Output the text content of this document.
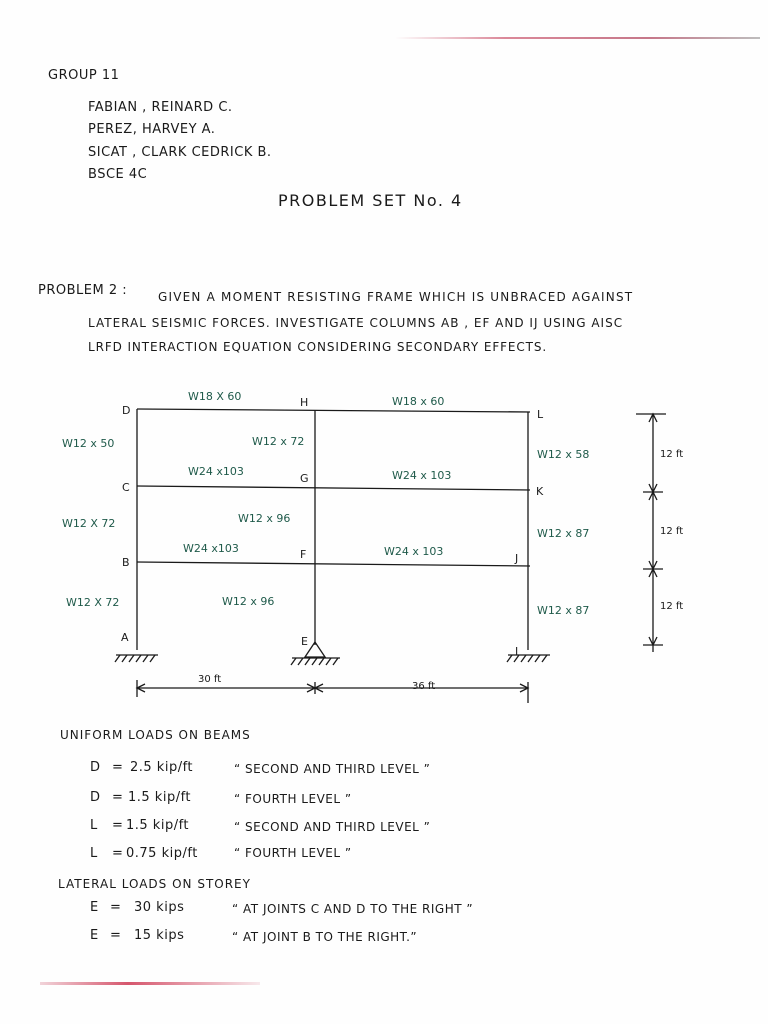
GROUP 11
FABIAN , REINARD C.
PEREZ, HARVEY A.
SICAT , CLARK CEDRICK B.
BSCE 4C
PROBLEM SET No. 4
PROBLEM 2 :	GIVEN A MOMENT RESISTING FRAME WHICH IS UNBRACED AGAINST
LATERAL SEISMIC FORCES. INVESTIGATE COLUMNS AB , EF AND IJ USING AISC
LRFD INTERACTION EQUATION CONSIDERING SECONDARY EFFECTS.
D
C
B
A
H
G
F
E
L
K
J
I
W18 X 60	W18 x 60
W24 x103	W24 x 103
W24 x103	W24 x 103
W12 x 50
W12 X 72
W12 X 72
W12 x 72
W12 x 96
W12 x 96
W12 x 58
W12 x 87
W12 x 87
30 ft
36 ft
12 ft
12 ft
12 ft
UNIFORM LOADS ON BEAMS
D = 2.5 kip/ft	“ SECOND AND THIRD LEVEL ”
D = 1.5 kip/ft	“ FOURTH LEVEL ”
L = 1.5 kip/ft	“ SECOND AND THIRD LEVEL ”
L = 0.75 kip/ft	“ FOURTH LEVEL ”
LATERAL LOADS ON STOREY
E = 30 kips	“ AT JOINTS C AND D TO THE RIGHT ”
E = 15 kips	“ AT JOINT B TO THE RIGHT.”
